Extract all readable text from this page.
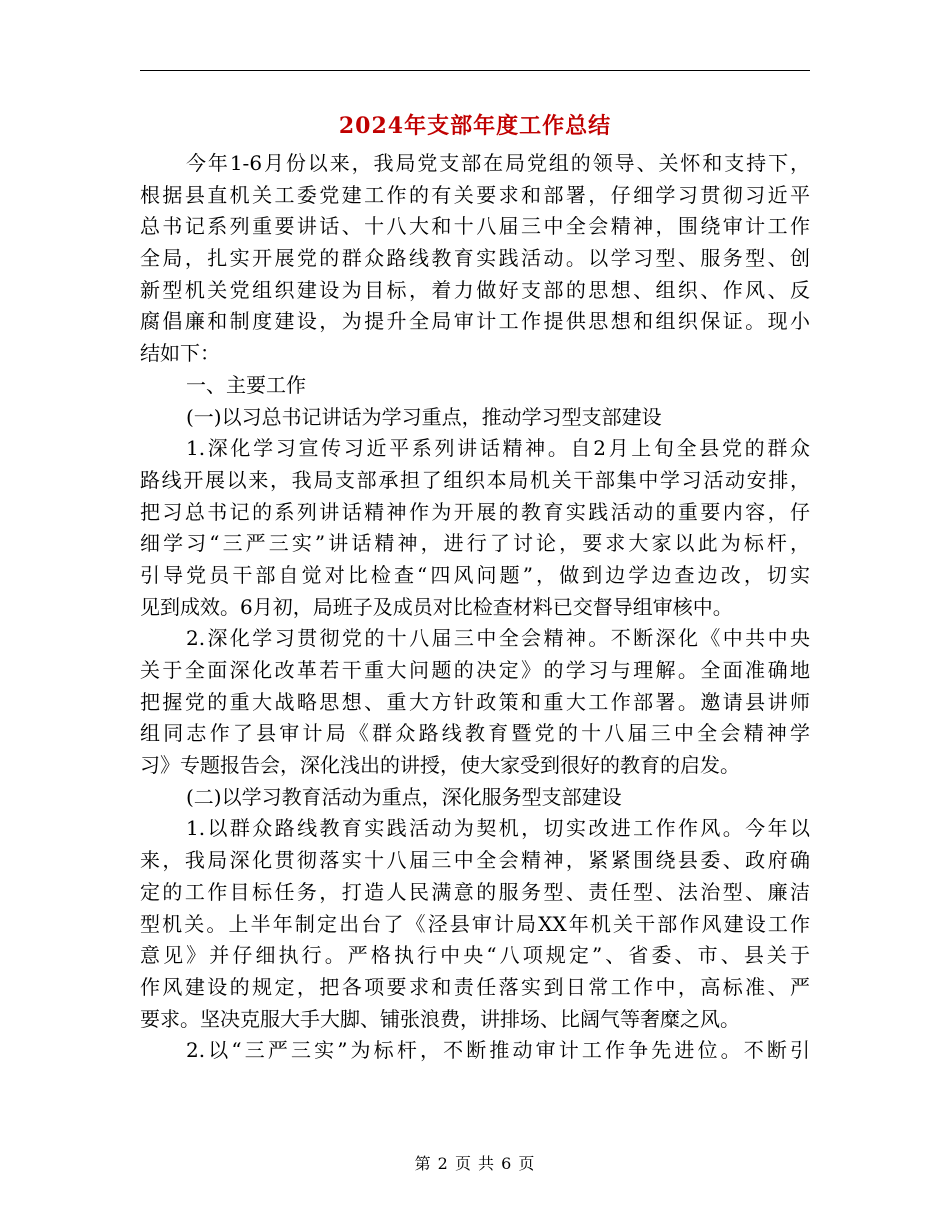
2024年支部年度工作总结
今年1-6月份以来，我局党支部在局党组的领导、关怀和支持下，
根据县直机关工委党建工作的有关要求和部署，仔细学习贯彻习近平
总书记系列重要讲话、十八大和十八届三中全会精神，围绕审计工作
全局，扎实开展党的群众路线教育实践活动。以学习型、服务型、创
新型机关党组织建设为目标，着力做好支部的思想、组织、作风、反
腐倡廉和制度建设，为提升全局审计工作提供思想和组织保证。现小
结如下：
一、主要工作
(一)以习总书记讲话为学习重点，推动学习型支部建设
1.深化学习宣传习近平系列讲话精神。自2月上旬全县党的群众
路线开展以来，我局支部承担了组织本局机关干部集中学习活动安排，
把习总书记的系列讲话精神作为开展的教育实践活动的重要内容，仔
细学习“三严三实”讲话精神，进行了讨论，要求大家以此为标杆，
引导党员干部自觉对比检查“四风问题”，做到边学边查边改，切实
见到成效。6月初，局班子及成员对比检查材料已交督导组审核中。
2.深化学习贯彻党的十八届三中全会精神。不断深化《中共中央
关于全面深化改革若干重大问题的决定》的学习与理解。全面准确地
把握党的重大战略思想、重大方针政策和重大工作部署。邀请县讲师
组同志作了县审计局《群众路线教育暨党的十八届三中全会精神学
习》专题报告会，深化浅出的讲授，使大家受到很好的教育的启发。
(二)以学习教育活动为重点，深化服务型支部建设
1.以群众路线教育实践活动为契机，切实改进工作作风。今年以
来，我局深化贯彻落实十八届三中全会精神，紧紧围绕县委、政府确
定的工作目标任务，打造人民满意的服务型、责任型、法治型、廉洁
型机关。上半年制定出台了《泾县审计局XX年机关干部作风建设工作
意见》并仔细执行。严格执行中央“八项规定”、省委、市、县关于
作风建设的规定，把各项要求和责任落实到日常工作中，高标准、严
要求。坚决克服大手大脚、铺张浪费，讲排场、比阔气等奢糜之风。
2.以“三严三实”为标杆，不断推动审计工作争先进位。不断引
第 2 页 共 6 页
